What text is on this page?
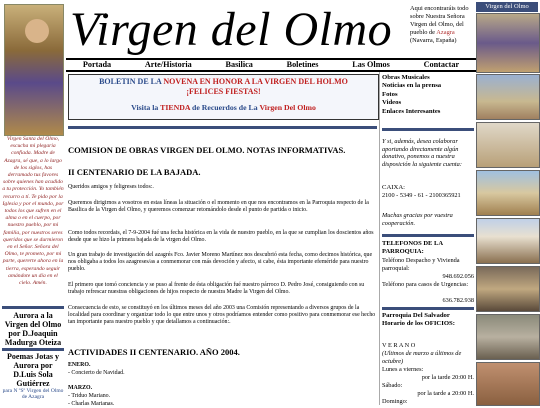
Virgen Santa del Olmo, escucha mi plegaria confiada. Madre de Azagra, sé que, a lo largo de los siglos, has derramado tus favores sobre quienes han acudido a tu protección. Yo también recurro a tí. Te pido por la Iglesia y por el mundo, por todos los que sufren en el alma o en el cuerpo, por nuestro pueblo, por mi familia, por nuestros seres queridos que se durmieron en el Señor. Señora del Olmo, te prometo, por mi parte, quererte ahora en la tierra, esperando seguir amándote un día en el cielo. Amén.
Aurora a la Virgen del Olmo por D.Joaquin Madurga Oteiza
Poemas Jotas y Aurora por D.Luis Sola Gutiérrez
para N ºSº Virgen del Olmo de Azagra
Virgen del Olmo	Aqui encontraráis todo sobre Nuestra Señora Virgen del Olmo, del pueblo de Azagra (Navarra, España)
Virgen del Olmo
Portada	Arte/Historia	Basilica	Boletines	Las Olmos	Contactar
BOLETIN DE LA NOVENA EN HONOR A LA VIRGEN DEL HOLMO
¡FELICES FIESTAS!
Visita la TIENDA de Recuerdos de La Virgen Del Olmo
COMISION DE OBRAS VIRGEN DEL OLMO. NOTAS INFORMATIVAS.
II CENTENARIO DE LA BAJADA.
Queridos amigos y feligreses todos:.
Queremos dirigirnos a vosotros en estas líneas la situación o el momento en que nos encontramos en la Parroquia respecto de la Basilica de la Virgen del Olmo, y queremos comenzar retomándolo desde el punto de partida o inicio.
Como todos recordais, el 7-9-2004 fué una fecha histórica en la vida de nuestro pueblo, en la que se cumplian los doscientos años desde que se hizo la primera bajada de la virgen del Olmo.
Un gran trabajo de investigación del azagrés Fco. Javier Moreno Martínez nos descubrió esta fecha, como decimos histórica, que nos obligaba a todos los azagreses/as a conmemorar con más devoción y afecto, si cabe, ésta importante efeméride para nuestro pueblo.
El primero que tomó conciencia y se puso al frente de ésta obligación fué nuestro párroco D. Pedro José, consiguiendo con su trabajo refrescar nuestras obligaciones de hijos respecto de nuestra Madre la Virgen del Olmo.
Consecuencia de esto, se constituyó en los últimos meses del año 2003 una Comisión representando a diversos grupos de la localidad para coordinar y organizar todo lo que entre unos y otros podríamos entender como positivo para conmemorar ese hecho tan importante para nuestro pueblo y que detallamos a continuación:.
ACTIVIDADES II CENTENARIO. AÑO 2004.
ENERO.
- Concierto de Navidad.
MARZO.
- Triduo Mariano.
- Charlas Marianas.
Obras Musicales
Noticias en la prensa
Fotos
Videos
Enlaces Interesantes
Y si, además, desea colaborar aportando directamente algún donativo, ponemos a nuestra disposición la siguiente cuenta:
CAIXA:
2100 - 5349 - 61 - 2100365921
Muchas gracias por vuestra cooperación.
TELEFONOS DE LA PARROQUIA:
Teléfono Despacho y Vivienda parroquial:
948.692.056
Teléfono para casos de Urgencias:
636.782.938
Parroquia Del Salvador Horario de los OFICIOS:
V E R A N O
(Ultimos de marzo a últimos de octubre)
Lunes a viernes:
por la tarde 20:00 H.
Sábado:
por la tarde a 20:00 H.
Domingo:
